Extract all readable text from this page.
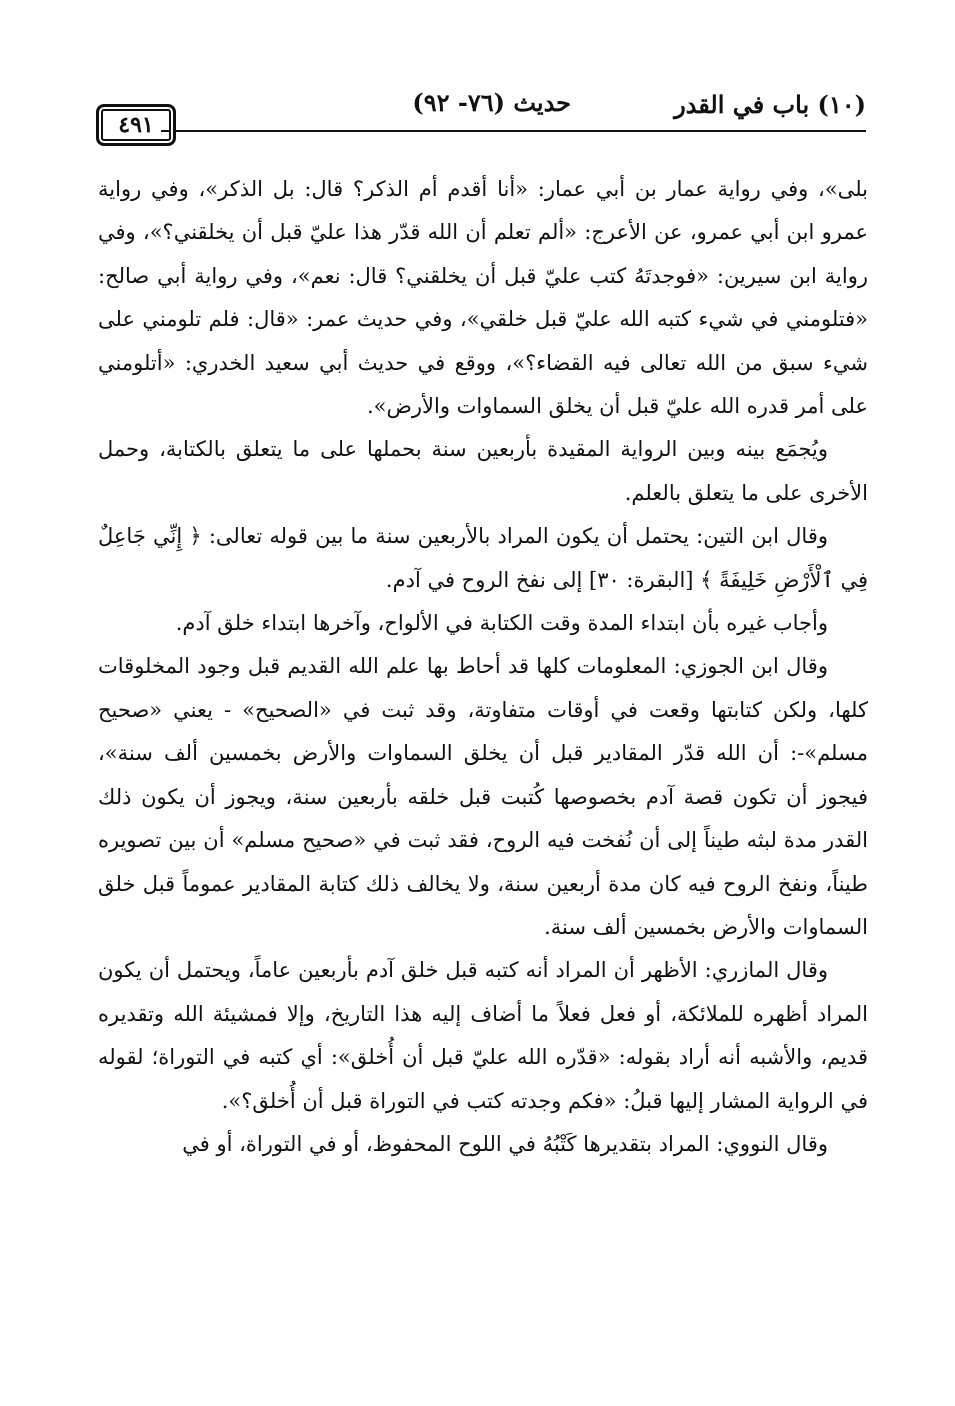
(١٠) باب في القدر
حديث (٧٦- ٩٢)
٤٩١

بلى»، وفي رواية عمار بن أبي عمار: «أنا أقدم أم الذكر؟ قال: بل الذكر»، وفي رواية عمرو ابن أبي عمرو، عن الأعرج: «ألم تعلم أن الله قدّر هذا عليّ قبل أن يخلقني؟»، وفي رواية ابن سيرين: «فوجدتَهُ كتب عليّ قبل أن يخلقني؟ قال: نعم»، وفي رواية أبي صالح: «فتلومني في شيء كتبه الله عليّ قبل خلقي»، وفي حديث عمر: «قال: فلم تلومني على شيء سبق من الله تعالى فيه القضاء؟»، ووقع في حديث أبي سعيد الخدري: «أتلومني على أمر قدره الله عليّ قبل أن يخلق السماوات والأرض».

ويُجمَع بينه وبين الرواية المقيدة بأربعين سنة بحملها على ما يتعلق بالكتابة، وحمل الأخرى على ما يتعلق بالعلم.

وقال ابن التين: يحتمل أن يكون المراد بالأربعين سنة ما بين قوله تعالى: ﴿ إِنِّي جَاعِلٌ فِي ٱلْأَرْضِ خَلِيفَةً ﴾ [البقرة: ٣٠] إلى نفخ الروح في آدم.

وأجاب غيره بأن ابتداء المدة وقت الكتابة في الألواح، وآخرها ابتداء خلق آدم.

وقال ابن الجوزي: المعلومات كلها قد أحاط بها علم الله القديم قبل وجود المخلوقات كلها، ولكن كتابتها وقعت في أوقات متفاوتة، وقد ثبت في «الصحيح» - يعني «صحيح مسلم»-: أن الله قدّر المقادير قبل أن يخلق السماوات والأرض بخمسين ألف سنة»، فيجوز أن تكون قصة آدم بخصوصها كُتبت قبل خلقه بأربعين سنة، ويجوز أن يكون ذلك القدر مدة لبثه طيناً إلى أن نُفخت فيه الروح، فقد ثبت في «صحيح مسلم» أن بين تصويره طيناً، ونفخ الروح فيه كان مدة أربعين سنة، ولا يخالف ذلك كتابة المقادير عموماً قبل خلق السماوات والأرض بخمسين ألف سنة.

وقال المازري: الأظهر أن المراد أنه كتبه قبل خلق آدم بأربعين عاماً، ويحتمل أن يكون المراد أظهره للملائكة، أو فعل فعلاً ما أضاف إليه هذا التاريخ، وإلا فمشيئة الله وتقديره قديم، والأشبه أنه أراد بقوله: «قدّره الله عليّ قبل أن أُخلق»: أي كتبه في التوراة؛ لقوله في الرواية المشار إليها قبلُ: «فكم وجدته كتب في التوراة قبل أن أُخلق؟».

وقال النووي: المراد بتقديرها كَتْبُهُ في اللوح المحفوظ، أو في التوراة، أو في
